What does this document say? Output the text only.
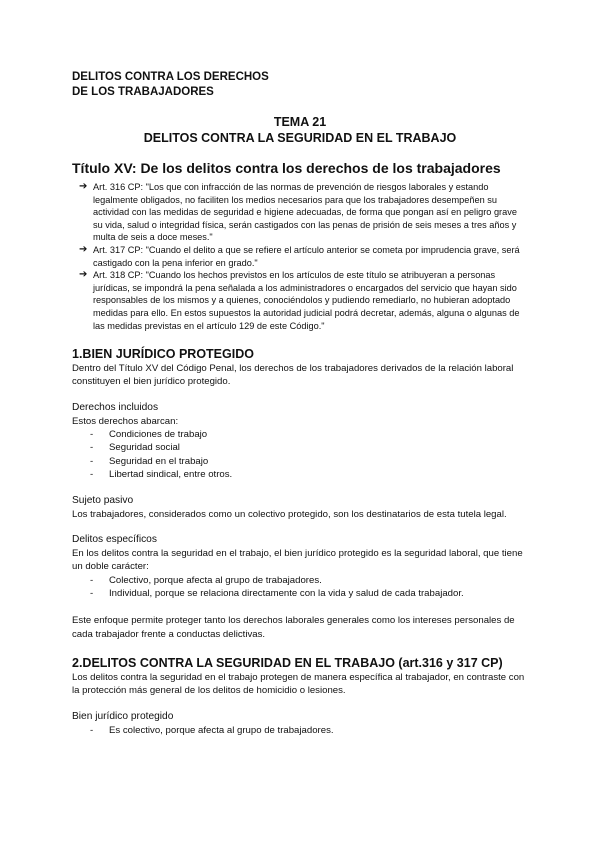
DELITOS CONTRA LOS DERECHOS

DE LOS TRABAJADORES

TEMA 21

DELITOS CONTRA LA SEGURIDAD EN EL TRABAJO

Título XV: De los delitos contra los derechos de los trabajadores

➔ Art. 316 CP: "Los que con infracción de las normas de prevención de riesgos laborales y estando legalmente obligados, no faciliten los medios necesarios para que los trabajadores desempeñen su actividad con las medidas de seguridad e higiene adecuadas, de forma que pongan así en peligro grave su vida, salud o integridad física, serán castigados con las penas de prisión de seis meses a tres años y multa de seis a doce meses."
➔ Art. 317 CP: "Cuando el delito a que se refiere el artículo anterior se cometa por imprudencia grave, será castigado con la pena inferior en grado."
➔ Art. 318 CP: "Cuando los hechos previstos en los artículos de este título se atribuyeran a personas jurídicas, se impondrá la pena señalada a los administradores o encargados del servicio que hayan sido responsables de los mismos y a quienes, conociéndolos y pudiendo remediarlo, no hubieran adoptado medidas para ello. En estos supuestos la autoridad judicial podrá decretar, además, alguna o algunas de las medidas previstas en el artículo 129 de este Código."
1.BIEN JURÍDICO PROTEGIDO

Dentro del Título XV del Código Penal, los derechos de los trabajadores derivados de la relación laboral constituyen el bien jurídico protegido.

Derechos incluidos

Estos derechos abarcan:

- Condiciones de trabajo
- Seguridad social
- Seguridad en el trabajo
- Libertad sindical, entre otros.

Sujeto pasivo

Los trabajadores, considerados como un colectivo protegido, son los destinatarios de esta tutela legal.

Delitos específicos

En los delitos contra la seguridad en el trabajo, el bien jurídico protegido es la seguridad laboral, que tiene un doble carácter:

- Colectivo, porque afecta al grupo de trabajadores.
- Individual, porque se relaciona directamente con la vida y salud de cada trabajador.

Este enfoque permite proteger tanto los derechos laborales generales como los intereses personales de cada trabajador frente a conductas delictivas.

2.DELITOS CONTRA LA SEGURIDAD EN EL TRABAJO (art.316 y 317 CP)

Los delitos contra la seguridad en el trabajo protegen de manera específica al trabajador, en contraste con la protección más general de los delitos de homicidio o lesiones.

Bien jurídico protegido

- Es colectivo, porque afecta al grupo de trabajadores.
